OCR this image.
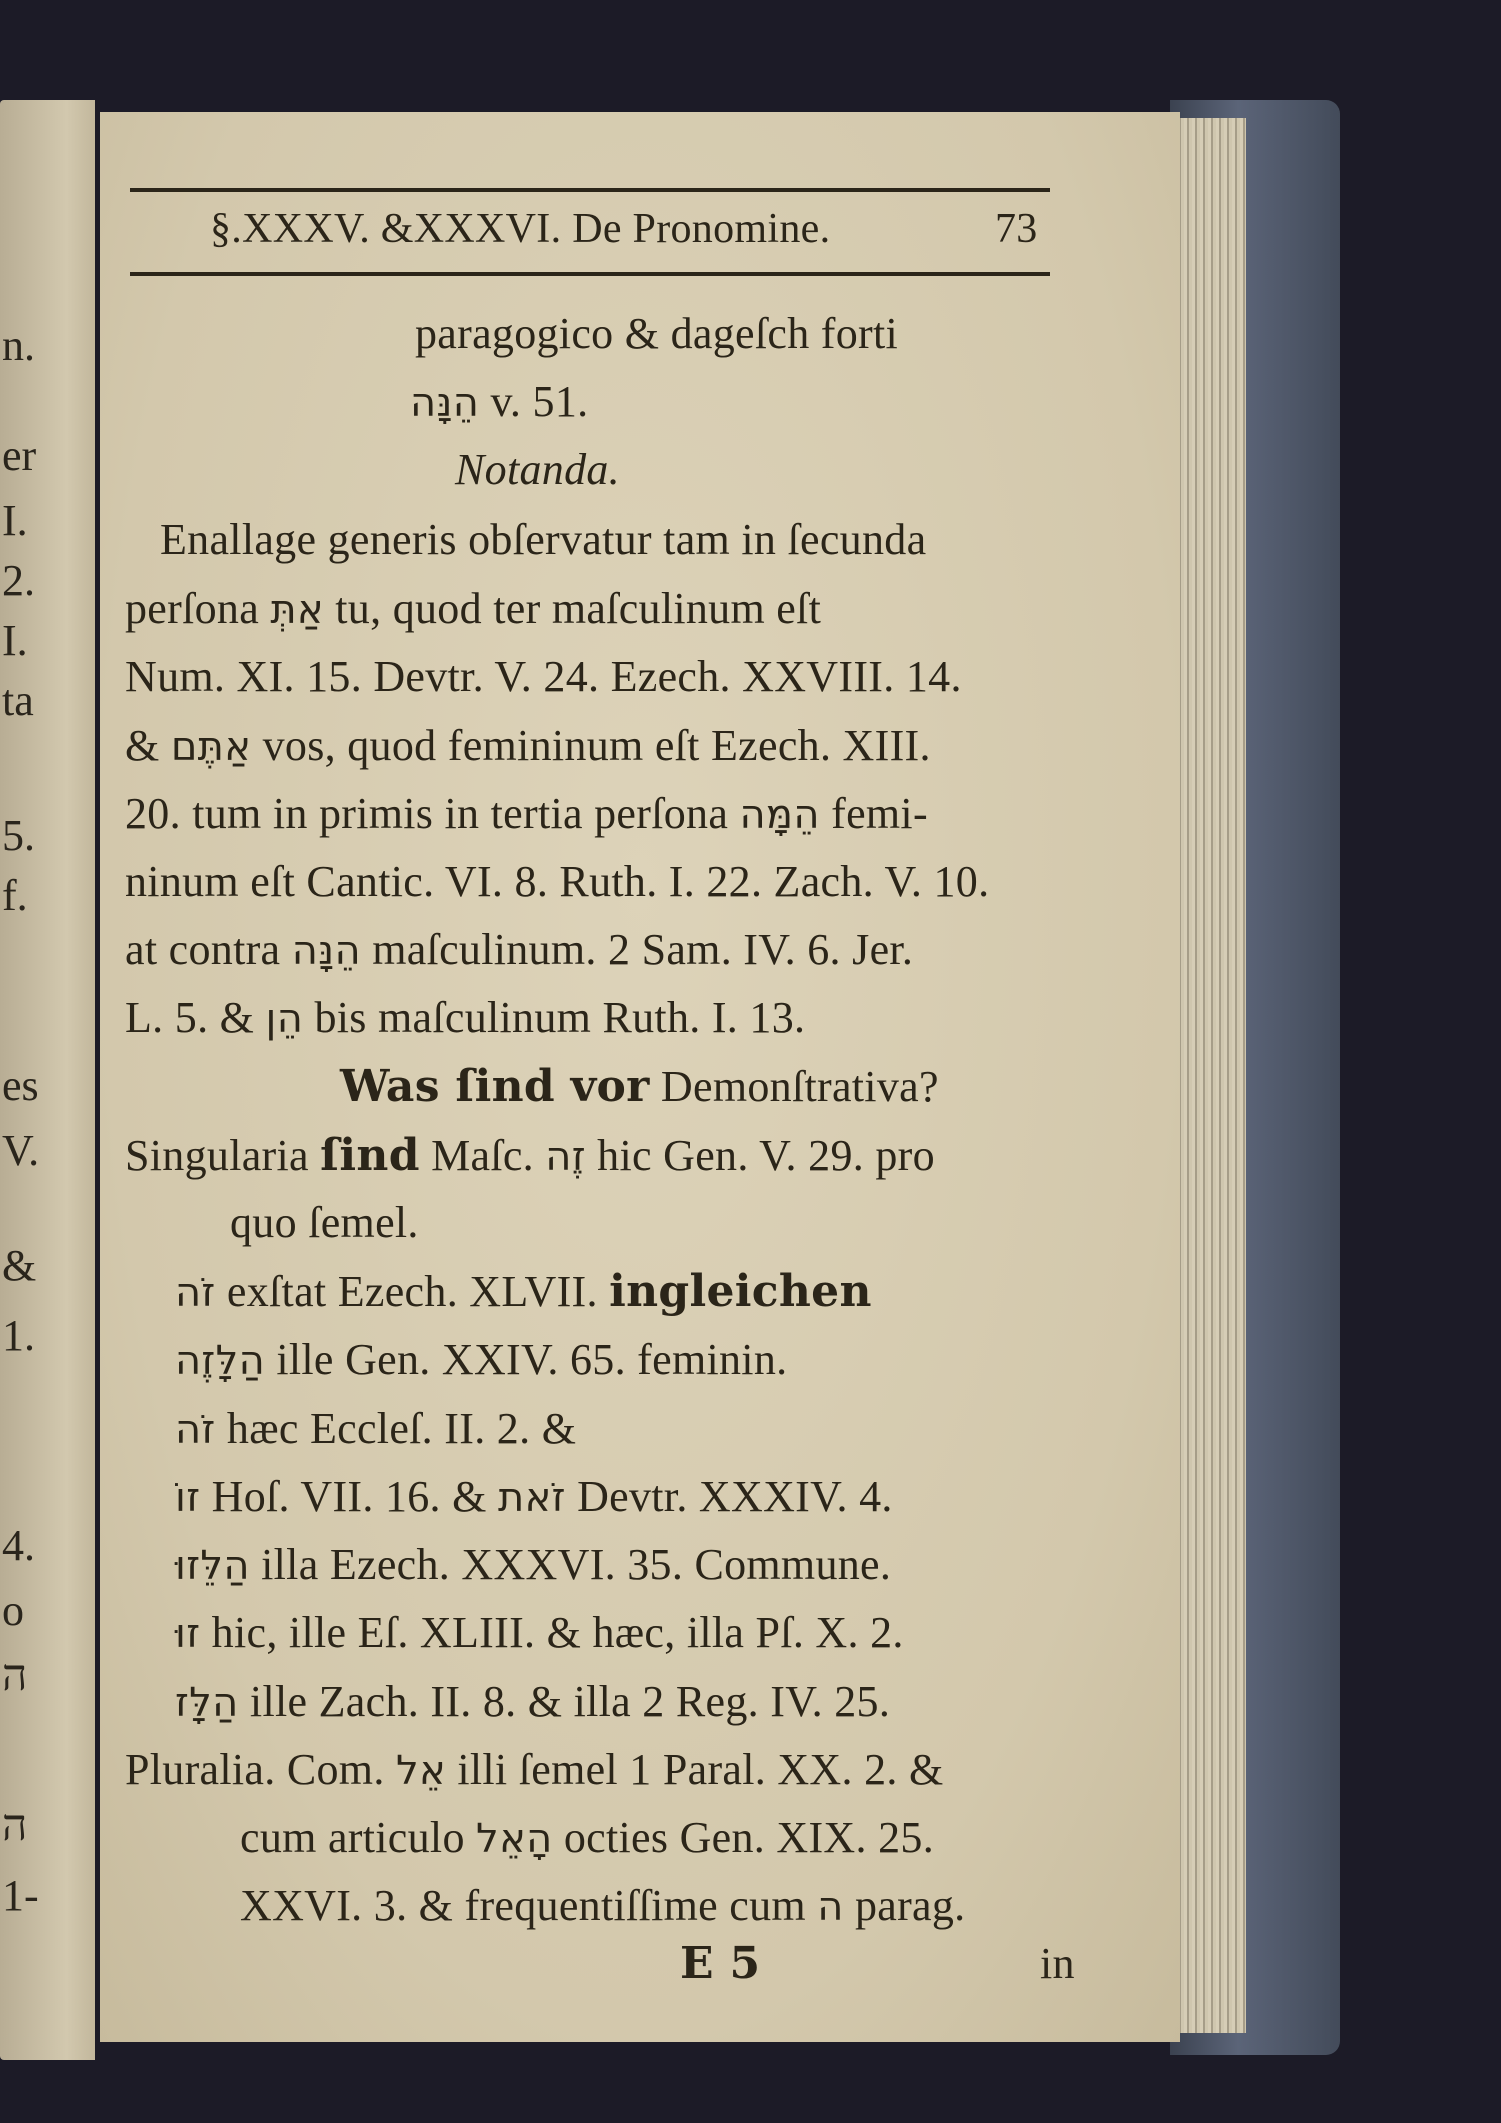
n.
er
I.
2.
I.
ta
5.
f.
es
V.
&
1.
4.
o
ה
ה
1-
§.XXXV. &XXXVI. De Pronomine.	73
paragogico & dageſch forti
הֵנָּה v. 51.
Notanda.
Enallage generis obſervatur tam in ſecunda
perſona אַתְּ tu, quod ter maſculinum eſt
Num. XI. 15. Devtr. V. 24. Ezech. XXVIII. 14.
& אַתֶּם vos, quod femininum eſt Ezech. XIII.
20. tum in primis in tertia perſona הֵמָּה femi-
ninum eſt Cantic. VI. 8. Ruth. I. 22. Zach. V. 10.
at contra הֵנָּה maſculinum. 2 Sam. IV. 6. Jer.
L. 5. & הֵן bis maſculinum Ruth. I. 13.
Was ſind vor Demonſtrativa?
Singularia ſind Maſc. זֶה hic Gen. V. 29. pro
quo ſemel.
זֹה exſtat Ezech. XLVII. ingleichen
הַלָּזֶה ille Gen. XXIV. 65. feminin.
זֹה hæc Eccleſ. II. 2. &
זוֹ Hoſ. VII. 16. & זֹאת Devtr. XXXIV. 4.
הַלֵּזוּ illa Ezech. XXXVI. 35. Commune.
זוּ hic, ille Eſ. XLIII. & hæc, illa Pſ. X. 2.
הַלָּז ille Zach. II. 8. & illa 2 Reg. IV. 25.
Pluralia. Com. אֵל illi ſemel 1 Paral. XX. 2. &
cum articulo הָאֵל octies Gen. XIX. 25.
XXVI. 3. & frequentiſſime cum ה parag.
E 5	in
